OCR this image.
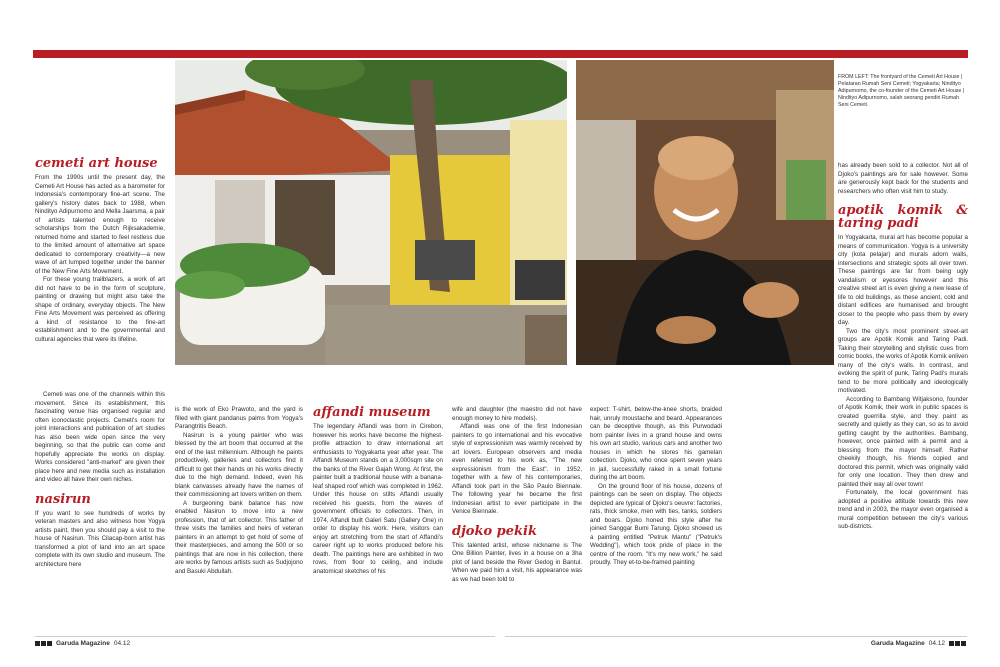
FROM LEFT: The frontyard of the Cemeti Art House | Pelataran Rumah Seni Cemeti; Yogyakarta; Nindityo Adipurnomo, the co-founder of the Cemeti Art House | Nindityo Adipurnomo, salah seorang pendiri Rumah Seni Cemeti.
cemeti art house

From the 1990s until the present day, the Cemeti Art House has acted as a barometer for Indonesia's contemporary fine-art scene. The gallery's history dates back to 1988, when Nindityo Adipurnomo and Mella Jaarsma, a pair of artists talented enough to receive scholarships from the Dutch Rijksakademie, returned home and started to feel restless due to the limited amount of alternative art space dedicated to contemporary creativity—a new wave of art lumped together under the banner of the New Fine Arts Movement.

For these young trailblazers, a work of art did not have to be in the form of sculpture, painting or drawing but might also take the shape of ordinary, everyday objects. The New Fine Arts Movement was perceived as offering a kind of resistance to the fine-art establishment and to the governmental and cultural agencies that were its lifeline.

Cemeti was one of the channels within this movement. Since its establishment, this fascinating venue has organised regular and often iconoclastic projects. Cemeti's room for joint interactions and publication of art studies has also been wide open since the very beginning, so that the public can come and hopefully appreciate the works on display. Works considered "anti-market" are given their place here and new media such as installation and video all have their own niches.

nasirun

If you want to see hundreds of works by veteran masters and also witness how Yogya artists paint, then you should pay a visit to the house of Nasirun. This Cilacap-born artist has transformed a plot of land into an art space complete with its own studio and museum. The architecture here

is the work of Eko Prawoto, and the yard is filled with giant pandanus palms from Yogya's Parangtritis Beach.

Nasirun is a young painter who was blessed by the art boom that occurred at the end of the last millennium. Although he paints productively, galleries and collectors find it difficult to get their hands on his works directly due to the high demand. Indeed, even his blank canvasses already have the names of their commissioning art lovers written on them.

A burgeoning bank balance has now enabled Nasirun to move into a new profession, that of art collector. This father of three visits the families and heirs of veteran painters in an attempt to get hold of some of their masterpieces, and among the 500 or so paintings that are now in his collection, there are works by famous artists such as Sudjojono and Basuki Abdullah.

affandi museum

The legendary Affandi was born in Cirebon, however his works have become the highest-profile attraction to draw international art enthusiasts to Yogyakarta year after year. The Affandi Museum stands on a 3,000sqm site on the banks of the River Gajah Wong. At first, the painter built a traditional house with a banana-leaf shaped roof which was completed in 1962. Under this house on stilts Affandi usually received his guests, from the waves of government officials to collectors. Then, in 1974, Affandi built Galeri Satu (Gallery One) in order to display his work. Here, visitors can enjoy art stretching from the start of Affandi's career right up to works produced before his death. The paintings here are exhibited in two rows, from floor to ceiling, and include anatomical sketches of his

wife and daughter (the maestro did not have enough money to hire models).

Affandi was one of the first Indonesian painters to go international and his evocative style of expressionism was warmly received by art lovers. European observers and media even referred to his work as, "The new expressionism from the East". In 1952, together with a few of his contemporaries, Affandi took part in the São Paulo Biennale. The following year he became the first Indonesian artist to ever participate in the Venice Biennale.

djoko pekik

This talented artist, whose nickname is The One Billion Painter, lives in a house on a 3ha plot of land beside the River Gedog in Bantul. When we paid him a visit, his appearance was as we had been told to

expect: T-shirt, below-the-knee shorts, braided hair, unruly moustache and beard. Appearances can be deceptive though, as this Purwodadi born painter lives in a grand house and owns his own art studio, various cars and another two houses in which he stores his gamelan collection. Djoko, who once spent seven years in jail, successfully raked in a small fortune during the art boom.

On the ground floor of his house, dozens of paintings can be seen on display. The objects depicted are typical of Djoko's oeuvre: factories, rats, thick smoke, men with ties, tanks, soldiers and boars. Djoko honed this style after he joined Sanggar Bumi Tarung. Djoko showed us a painting entitled "Petruk Mantu" ("Petruk's Wedding"), which took pride of place in the centre of the room. "It's my new work," he said proudly. They et-to-be-framed painting

has already been sold to a collector. Not all of Djoko's paintings are for sale however. Some are generously kept back for the students and researchers who often visit him to study.

apotik komik & taring padi

In Yogyakarta, mural art has become popular a means of communication. Yogya is a university city (kota pelajar) and murals adorn walls, intersections and strategic spots all over town. These paintings are far from being ugly vandalism or eyesores however and this creative street art is even giving a new lease of life to old buildings, as these ancient, cold and distant edifices are humanised and brought closer to the people who pass them by every day.

Two the city's most prominent street-art groups are Apotik Komik and Taring Padi. Taking their storytelling and stylistic cues from comic books, the works of Apotik Komik enliven many of the city's walls. In contrast, and evoking the spirit of punk, Taring Padi's murals tend to be more politically and ideologically motivated.

According to Bambang Witjaksono, founder of Apotik Komik, their work in public spaces is created guerrilla style, and they paint as secretly and quietly as they can, so as to avoid getting caught by the authorities. Bambang, however, once painted with a permit and a blessing from the mayor himself. Rather cheekily though, his friends copied and doctored this permit, which was originally valid for only one location. They then drew and painted their way all over town!

Fortunately, the local government has adopted a positive attitude towards this new trend and in 2003, the mayor even organised a mural competition between the city's various sub-districts.

Garuda Magazine 04.12	Garuda Magazine 04.12
